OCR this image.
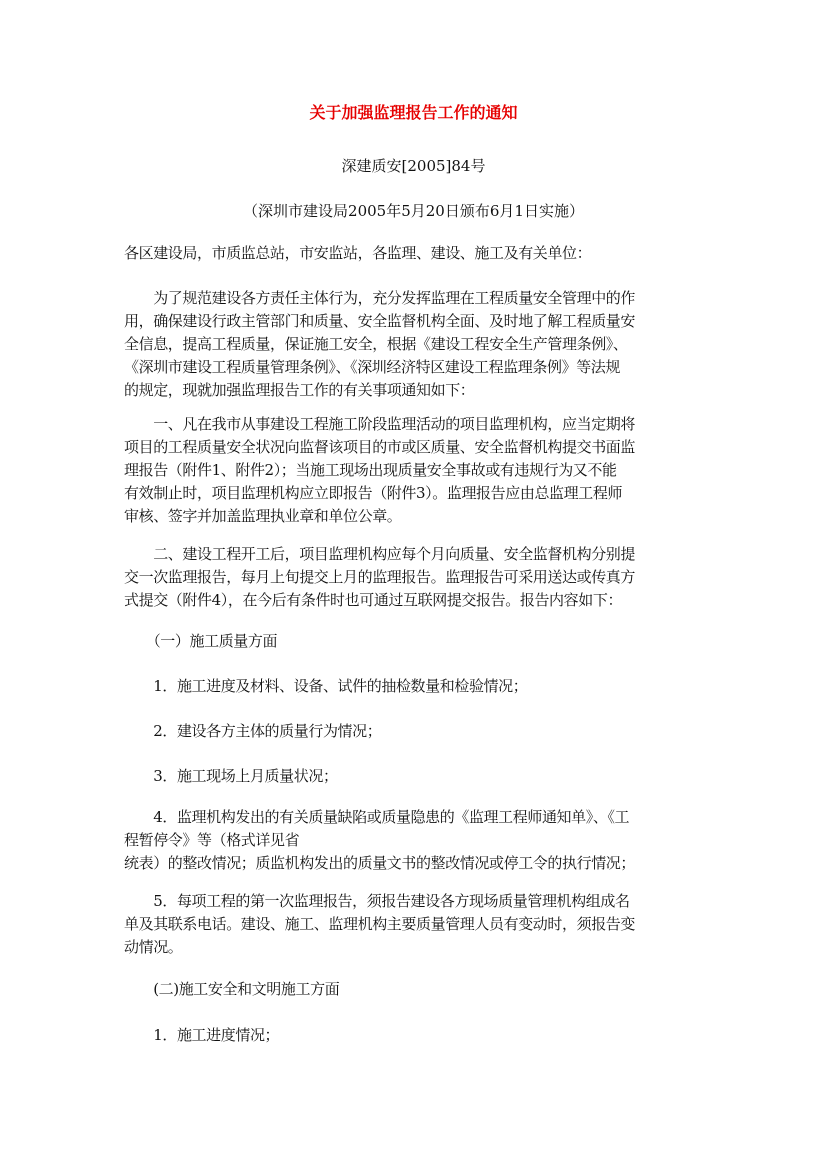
关于加强监理报告工作的通知
深建质安[2005]84号
（深圳市建设局2005年5月20日颁布6月1日实施）
各区建设局，市质监总站，市安监站，各监理、建设、施工及有关单位：
　　为了规范建设各方责任主体行为，充分发挥监理在工程质量安全管理中的作
用，确保建设行政主管部门和质量、安全监督机构全面、及时地了解工程质量安
全信息，提高工程质量，保证施工安全，根据《建设工程安全生产管理条例》、
《深圳市建设工程质量管理条例》、《深圳经济特区建设工程监理条例》等法规
的规定，现就加强监理报告工作的有关事项通知如下：
　　一、凡在我市从事建设工程施工阶段监理活动的项目监理机构，应当定期将
项目的工程质量安全状况向监督该项目的市或区质量、安全监督机构提交书面监
理报告（附件1、附件2）；当施工现场出现质量安全事故或有违规行为又不能
有效制止时，项目监理机构应立即报告（附件3）。监理报告应由总监理工程师
审核、签字并加盖监理执业章和单位公章。
　　二、建设工程开工后，项目监理机构应每个月向质量、安全监督机构分别提
交一次监理报告，每月上旬提交上月的监理报告。监理报告可采用送达或传真方
式提交（附件4），在今后有条件时也可通过互联网提交报告。报告内容如下：
　　（一）施工质量方面
　　1．施工进度及材料、设备、试件的抽检数量和检验情况；
　　2．建设各方主体的质量行为情况；
　　3．施工现场上月质量状况；
　　4．监理机构发出的有关质量缺陷或质量隐患的《监理工程师通知单》、《工
程暂停令》等（格式详见省
统表）的整改情况；质监机构发出的质量文书的整改情况或停工令的执行情况；
　　5．每项工程的第一次监理报告，须报告建设各方现场质量管理机构组成名
单及其联系电话。建设、施工、监理机构主要质量管理人员有变动时，须报告变
动情况。
　　(二)施工安全和文明施工方面
　　1．施工进度情况；
